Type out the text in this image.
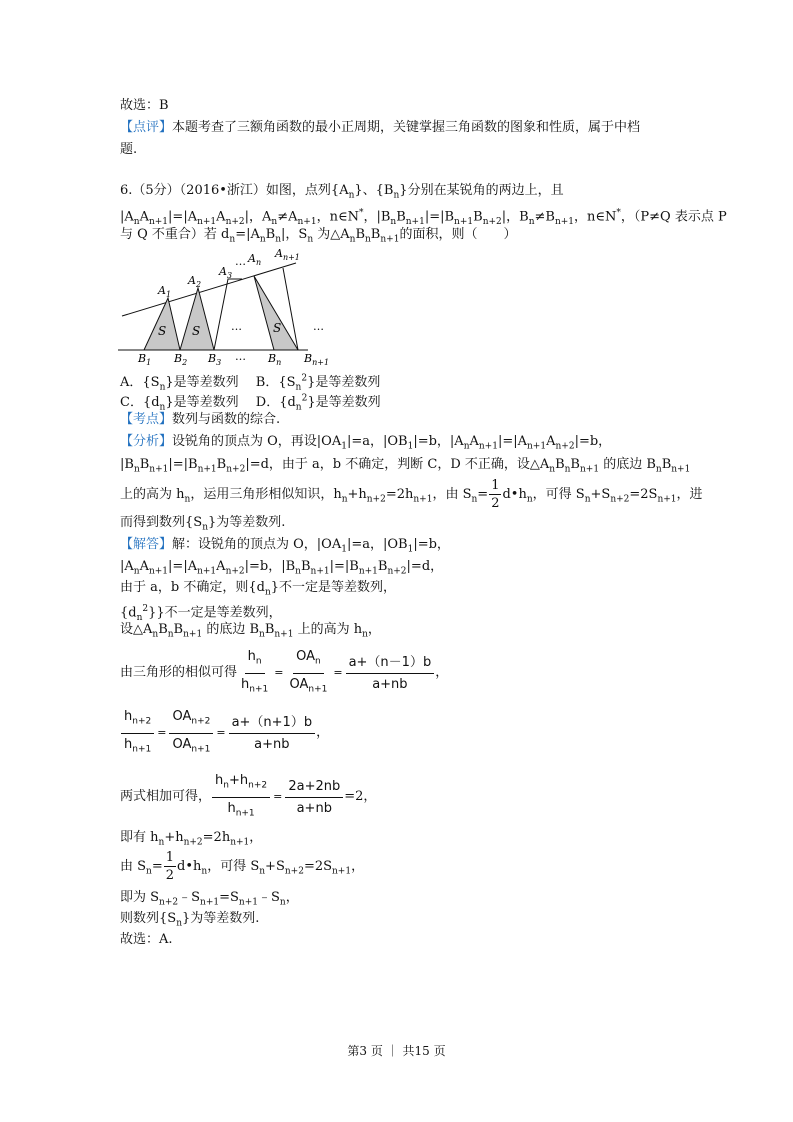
故选：B
【点评】本题考查了三额角函数的最小正周期，关键掌握三角函数的图象和性质，属于中档
题.
6.（5分）（2016•浙江）如图，点列$\{A_n\}$、$\{B_n\}$分别在某锐角的两边上，且
$|A_nA_{n+1}|=|A_{n+1}A_{n+2}|$，$A_n\ne A_{n+1}$，n∈N*，$|B_nB_{n+1}|=|B_{n+1}B_{n+2}|$，$B_n\ne B_{n+1}$，n∈N*，（P≠Q 表示点 P
与 Q 不重合）若 $d_n=|A_nB_n|$，$S_n$ 为$\triangle A_nB_nB_{n+1}$的面积，则（　　）
S S	S
…	…
…
…
$A_1$
$A_2$
$A_3$
$A_n$
$A_{n+1}$
$B_1$ $B_2$ $B_3$	$B_n$ $B_{n+1}$
A．$\{S_n\}$是等差数列　 B．$\{S_n^2\}$是等差数列
C．$\{d_n\}$是等差数列　 D．$\{d_n^2\}$是等差数列
【考点】数列与函数的综合.
【分析】设锐角的顶点为 O，再设$|OA_1|=a$，$|OB_1|=b$，$|A_nA_{n+1}|=|A_{n+1}A_{n+2}|=b$，
$|B_nB_{n+1}|=|B_{n+1}B_{n+2}|=d$，由于 a，b 不确定，判断 C，D 不正确，设$\triangle A_nB_nB_{n+1}$ 的底边 $B_nB_{n+1}$
上的高为 $h_n$，运用三角形相似知识，$h_n+h_{n+2}=2h_{n+1}$，由 $S_n= \frac{1}{2}$ $d•h_n$，可得 $S_n+S_{n+2}=2S_{n+1}$，进
而得到数列$\{S_n\}$为等差数列.
【解答】解：设锐角的顶点为 O，$|OA_1|=a$，$|OB_1|=b$，
$|A_nA_{n+1}|=|A_{n+1}A_{n+2}|=b$，$|B_nB_{n+1}|=|B_{n+1}B_{n+2}|=d$，
由于 a，b 不确定，则$\{d_n\}$不一定是等差数列，
$\{d_n^2\}$}不一定是等差数列，
设$\triangle A_nB_nB_{n+1}$ 的底边 $B_nB_{n+1}$ 上的高为 $h_n$，
由三角形的相似可得 $\frac{h_n}{h_{n+1}} = \frac{OA_n}{OA_{n+1}} = \frac{a+(n-1)b}{a+nb}$ ，
$\frac{h_{n+2}}{h_{n+1}} = \frac{OA_{n+2}}{OA_{n+1}} = \frac{a+(n+1)b}{a+nb}$ ，
两式相加可得， $\frac{h_n+h_{n+2}}{h_{n+1}} = \frac{2a+2nb}{a+nb} =2$，
即有 $h_n+h_{n+2}=2h_{n+1}$，
由 $S_n= \frac{1}{2}$ $d•h_n$，可得 $S_n+S_{n+2}=2S_{n+1}$，
即为 $S_{n+2}﹣S_{n+1}=S_{n+1}﹣S_n$，
则数列$\{S_n\}$为等差数列.
故选：A.
第3 页 ｜ 共15 页
